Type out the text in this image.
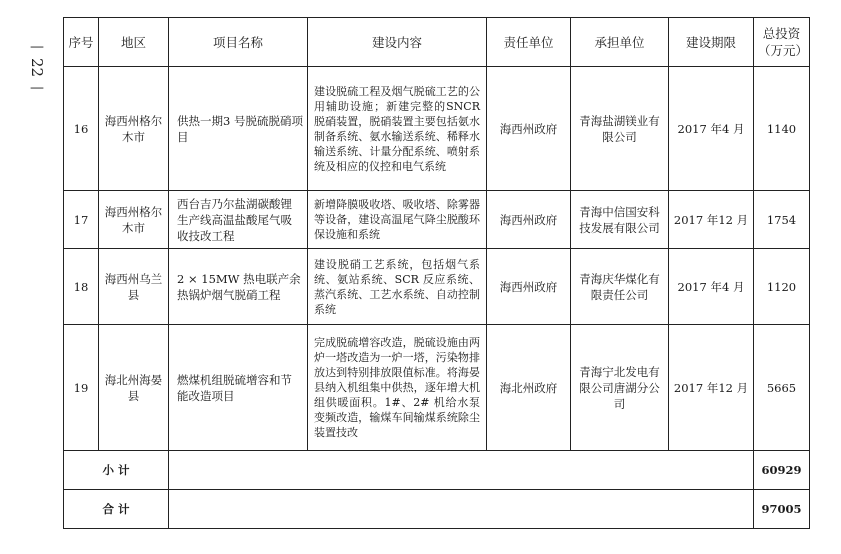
—
22
—
序号	地区	项目名称	建设内容	责任单位	承担单位	建设期限	总投资
（万元）

16	海西州格尔木市	供热一期3 号脱硫脱硝项目	建设脱硫工程及烟气脱硫工艺的公用辅助设施；新建完整的SNCR 脱硝装置，脱硝装置主要包括氨水制备系统、氨水输送系统、稀释水输送系统、计量分配系统、喷射系统及相应的仪控和电气系统	海西州政府	青海盐湖镁业有限公司	2017 年4 月	1140
17	海西州格尔木市	西台吉乃尔盐湖碳酸锂生产线高温盐酸尾气吸收技改工程	新增降膜吸收塔、吸收塔、除雾器等设备，建设高温尾气降尘脱酸环保设施和系统	海西州政府	青海中信国安科技发展有限公司	2017 年12 月	1754
18	海西州乌兰县	2 × 15MW 热电联产余热锅炉烟气脱硝工程	建设脱硝工艺系统，包括烟气系统、氨站系统、SCR 反应系统、蒸汽系统、工艺水系统、自动控制系统	海西州政府	青海庆华煤化有限责任公司	2017 年4 月	1120
19	海北州海晏县	燃煤机组脱硫增容和节能改造项目	完成脱硫增容改造，脱硫设施由两炉一塔改造为一炉一塔，污染物排放达到特别排放限值标准。将海晏县纳入机组集中供热，逐年增大机组供暖面积。1#、2# 机给水泵变频改造，输煤车间输煤系统除尘装置技改	海北州政府	青海宁北发电有限公司唐湖分公司	2017 年12 月	5665
小 计							60929
合 计							97005
